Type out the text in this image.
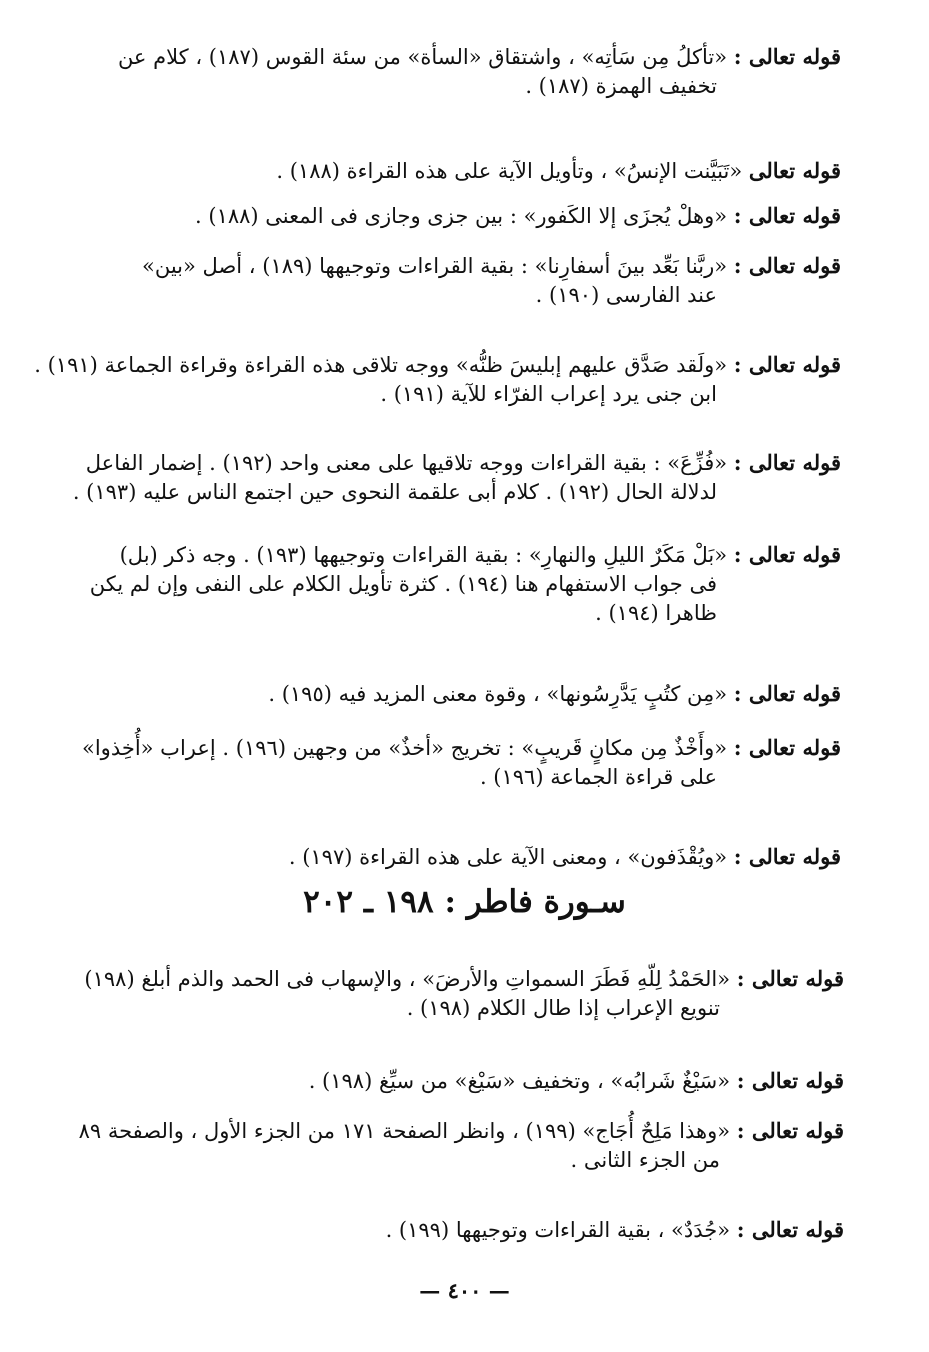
قوله تعالى : «تأكلُ مِن سَأتِه» ، واشتقاق «السأة» من سئة القوس (١٨٧) ، كلام عن
تخفيف الهمزة (١٨٧) .
قوله تعالى «تَبَيَّنت الإنسُ» ، وتأويل الآية على هذه القراءة (١٨٨) .
قوله تعالى : «وهلْ يُجزَى إلا الكَفور» : بين جزى وجازى فى المعنى (١٨٨) .
قوله تعالى : «ربَّنا بَعِّد بينَ أسفارِنا» : بقية القراءات وتوجيهها (١٨٩) ، أصل «بين»
عند الفارسى (١٩٠) .
قوله تعالى : «ولَقد صَدَّق عليهم إبليسَ ظنُّه» ووجه تلاقى هذه القراءة وقراءة الجماعة (١٩١) .
ابن جنى يرد إعراب الفرّاء للآية (١٩١) .
قوله تعالى : «فُزِّعَ» : بقية القراءات ووجه تلاقيها على معنى واحد (١٩٢) . إضمار الفاعل
لدلالة الحال (١٩٢) . كلام أبى علقمة النحوى حين اجتمع الناس عليه (١٩٣) .
قوله تعالى : «بَلْ مَكَرٌ الليلِ والنهارِ» : بقية القراءات وتوجيهها (١٩٣) . وجه ذكر (بل)
فى جواب الاستفهام هنا (١٩٤) . كثرة تأويل الكلام على النفى وإن لم يكن
ظاهرا (١٩٤) .
قوله تعالى : «مِن كتُبٍ يَدَّرِسُونها» ، وقوة معنى المزيد فيه (١٩٥) .
قوله تعالى : «وأَخْذٌ مِن مكانٍ قَريبٍ» : تخريج «أخذٌ» من وجهين (١٩٦) . إعراب «أُخِذوا»
على قراءة الجماعة (١٩٦) .
قوله تعالى : «ويُقْذَفون» ، ومعنى الآية على هذه القراءة (١٩٧) .
سـورة فاطر : ١٩٨ ـ ٢٠٢
قوله تعالى : «الحَمْدُ لِلّهِ فَطَرَ السمواتِ والأرضَ» ، والإسهاب فى الحمد والذم أبلغ (١٩٨)
تنويع الإعراب إذا طال الكلام (١٩٨) .
قوله تعالى : «سَيْغٌ شَرابُه» ، وتخفيف «سَيْغ» من سيِّغ (١٩٨) .
قوله تعالى : «وهذا مَلِحٌ أُجَاج» (١٩٩) ، وانظر الصفحة ١٧١ من الجزء الأول ، والصفحة ٨٩
من الجزء الثانى .
قوله تعالى : «جُدَدٌ» ، بقية القراءات وتوجيهها (١٩٩) .
— ٤٠٠ —
